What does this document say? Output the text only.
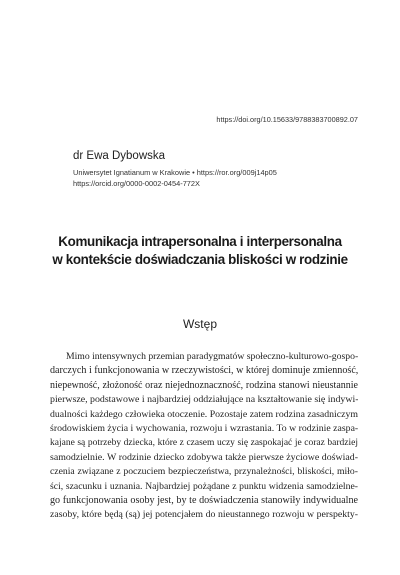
https://doi.org/10.15633/9788383700892.07
dr Ewa Dybowska
Uniwersytet Ignatianum w Krakowie • https://ror.org/009j14p05
https://orcid.org/0000-0002-0454-772X
Komunikacja intrapersonalna i interpersonalna
w kontekście doświadczania bliskości w rodzinie
Wstęp
Mimo intensywnych przemian paradygmatów społeczno-kulturowo-gospo-
darczych i funkcjonowania w rzeczywistości, w której dominuje zmienność,
niepewność, złożoność oraz niejednoznaczność, rodzina stanowi nieustannie
pierwsze, podstawowe i najbardziej oddziałujące na kształtowanie się indywi-
dualności każdego człowieka otoczenie. Pozostaje zatem rodzina zasadniczym
środowiskiem życia i wychowania, rozwoju i wzrastania. To w rodzinie zaspa-
kajane są potrzeby dziecka, które z czasem uczy się zaspokajać je coraz bardziej
samodzielnie. W rodzinie dziecko zdobywa także pierwsze życiowe doświad-
czenia związane z poczuciem bezpieczeństwa, przynależności, bliskości, miło-
ści, szacunku i uznania. Najbardziej pożądane z punktu widzenia samodzielne-
go funkcjonowania osoby jest, by te doświadczenia stanowiły indywidualne
zasoby, które będą (są) jej potencjałem do nieustannego rozwoju w perspekty-
